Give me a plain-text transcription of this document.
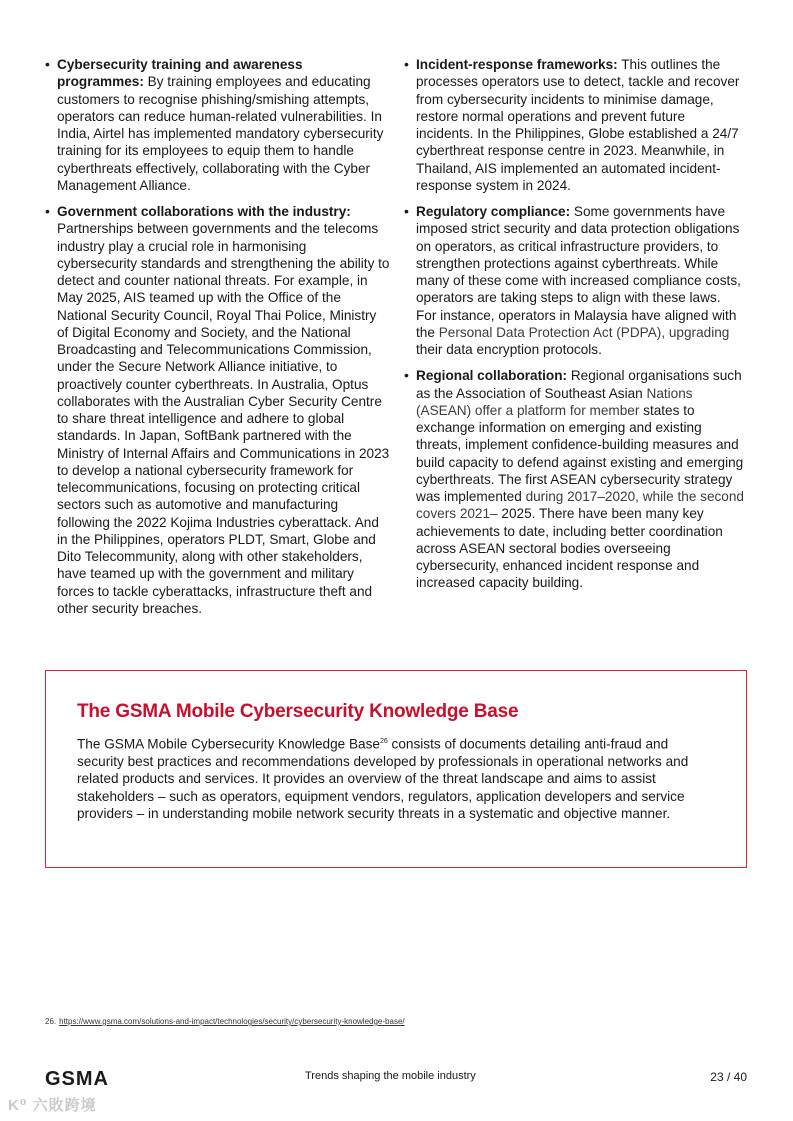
• Cybersecurity training and awareness programmes: By training employees and educating customers to recognise phishing/smishing attempts, operators can reduce human-related vulnerabilities. In India, Airtel has implemented mandatory cybersecurity training for its employees to equip them to handle cyberthreats effectively, collaborating with the Cyber Management Alliance.
• Government collaborations with the industry: Partnerships between governments and the telecoms industry play a crucial role in harmonising cybersecurity standards and strengthening the ability to detect and counter national threats. For example, in May 2025, AIS teamed up with the Office of the National Security Council, Royal Thai Police, Ministry of Digital Economy and Society, and the National Broadcasting and Telecommunications Commission, under the Secure Network Alliance initiative, to proactively counter cyberthreats. In Australia, Optus collaborates with the Australian Cyber Security Centre to share threat intelligence and adhere to global standards. In Japan, SoftBank partnered with the Ministry of Internal Affairs and Communications in 2023 to develop a national cybersecurity framework for telecommunications, focusing on protecting critical sectors such as automotive and manufacturing following the 2022 Kojima Industries cyberattack. And in the Philippines, operators PLDT, Smart, Globe and Dito Telecommunity, along with other stakeholders, have teamed up with the government and military forces to tackle cyberattacks, infrastructure theft and other security breaches.
• Incident-response frameworks: This outlines the processes operators use to detect, tackle and recover from cybersecurity incidents to minimise damage, restore normal operations and prevent future incidents. In the Philippines, Globe established a 24/7 cyberthreat response centre in 2023. Meanwhile, in Thailand, AIS implemented an automated incident-response system in 2024.
• Regulatory compliance: Some governments have imposed strict security and data protection obligations on operators, as critical infrastructure providers, to strengthen protections against cyberthreats. While many of these come with increased compliance costs, operators are taking steps to align with these laws. For instance, operators in Malaysia have aligned with the Personal Data Protection Act (PDPA), upgrading their data encryption protocols.
• Regional collaboration: Regional organisations such as the Association of Southeast Asian Nations (ASEAN) offer a platform for member states to exchange information on emerging and existing threats, implement confidence-building measures and build capacity to defend against existing and emerging cyberthreats. The first ASEAN cybersecurity strategy was implemented during 2017–2020, while the second covers 2021– 2025. There have been many key achievements to date, including better coordination across ASEAN sectoral bodies overseeing cybersecurity, enhanced incident response and increased capacity building.
The GSMA Mobile Cybersecurity Knowledge Base

The GSMA Mobile Cybersecurity Knowledge Base$^{26}$ consists of documents detailing anti-fraud and security best practices and recommendations developed by professionals in operational networks and related products and services. It provides an overview of the threat landscape and aims to assist stakeholders – such as operators, equipment vendors, regulators, application developers and service providers – in understanding mobile network security threats in a systematic and objective manner.

26. https://www.gsma.com/solutions-and-impact/technologies/security/cybersecurity-knowledge-base/
GSMA	Trends shaping the mobile industry	23 / 40
K⁰ 六敗跨境
